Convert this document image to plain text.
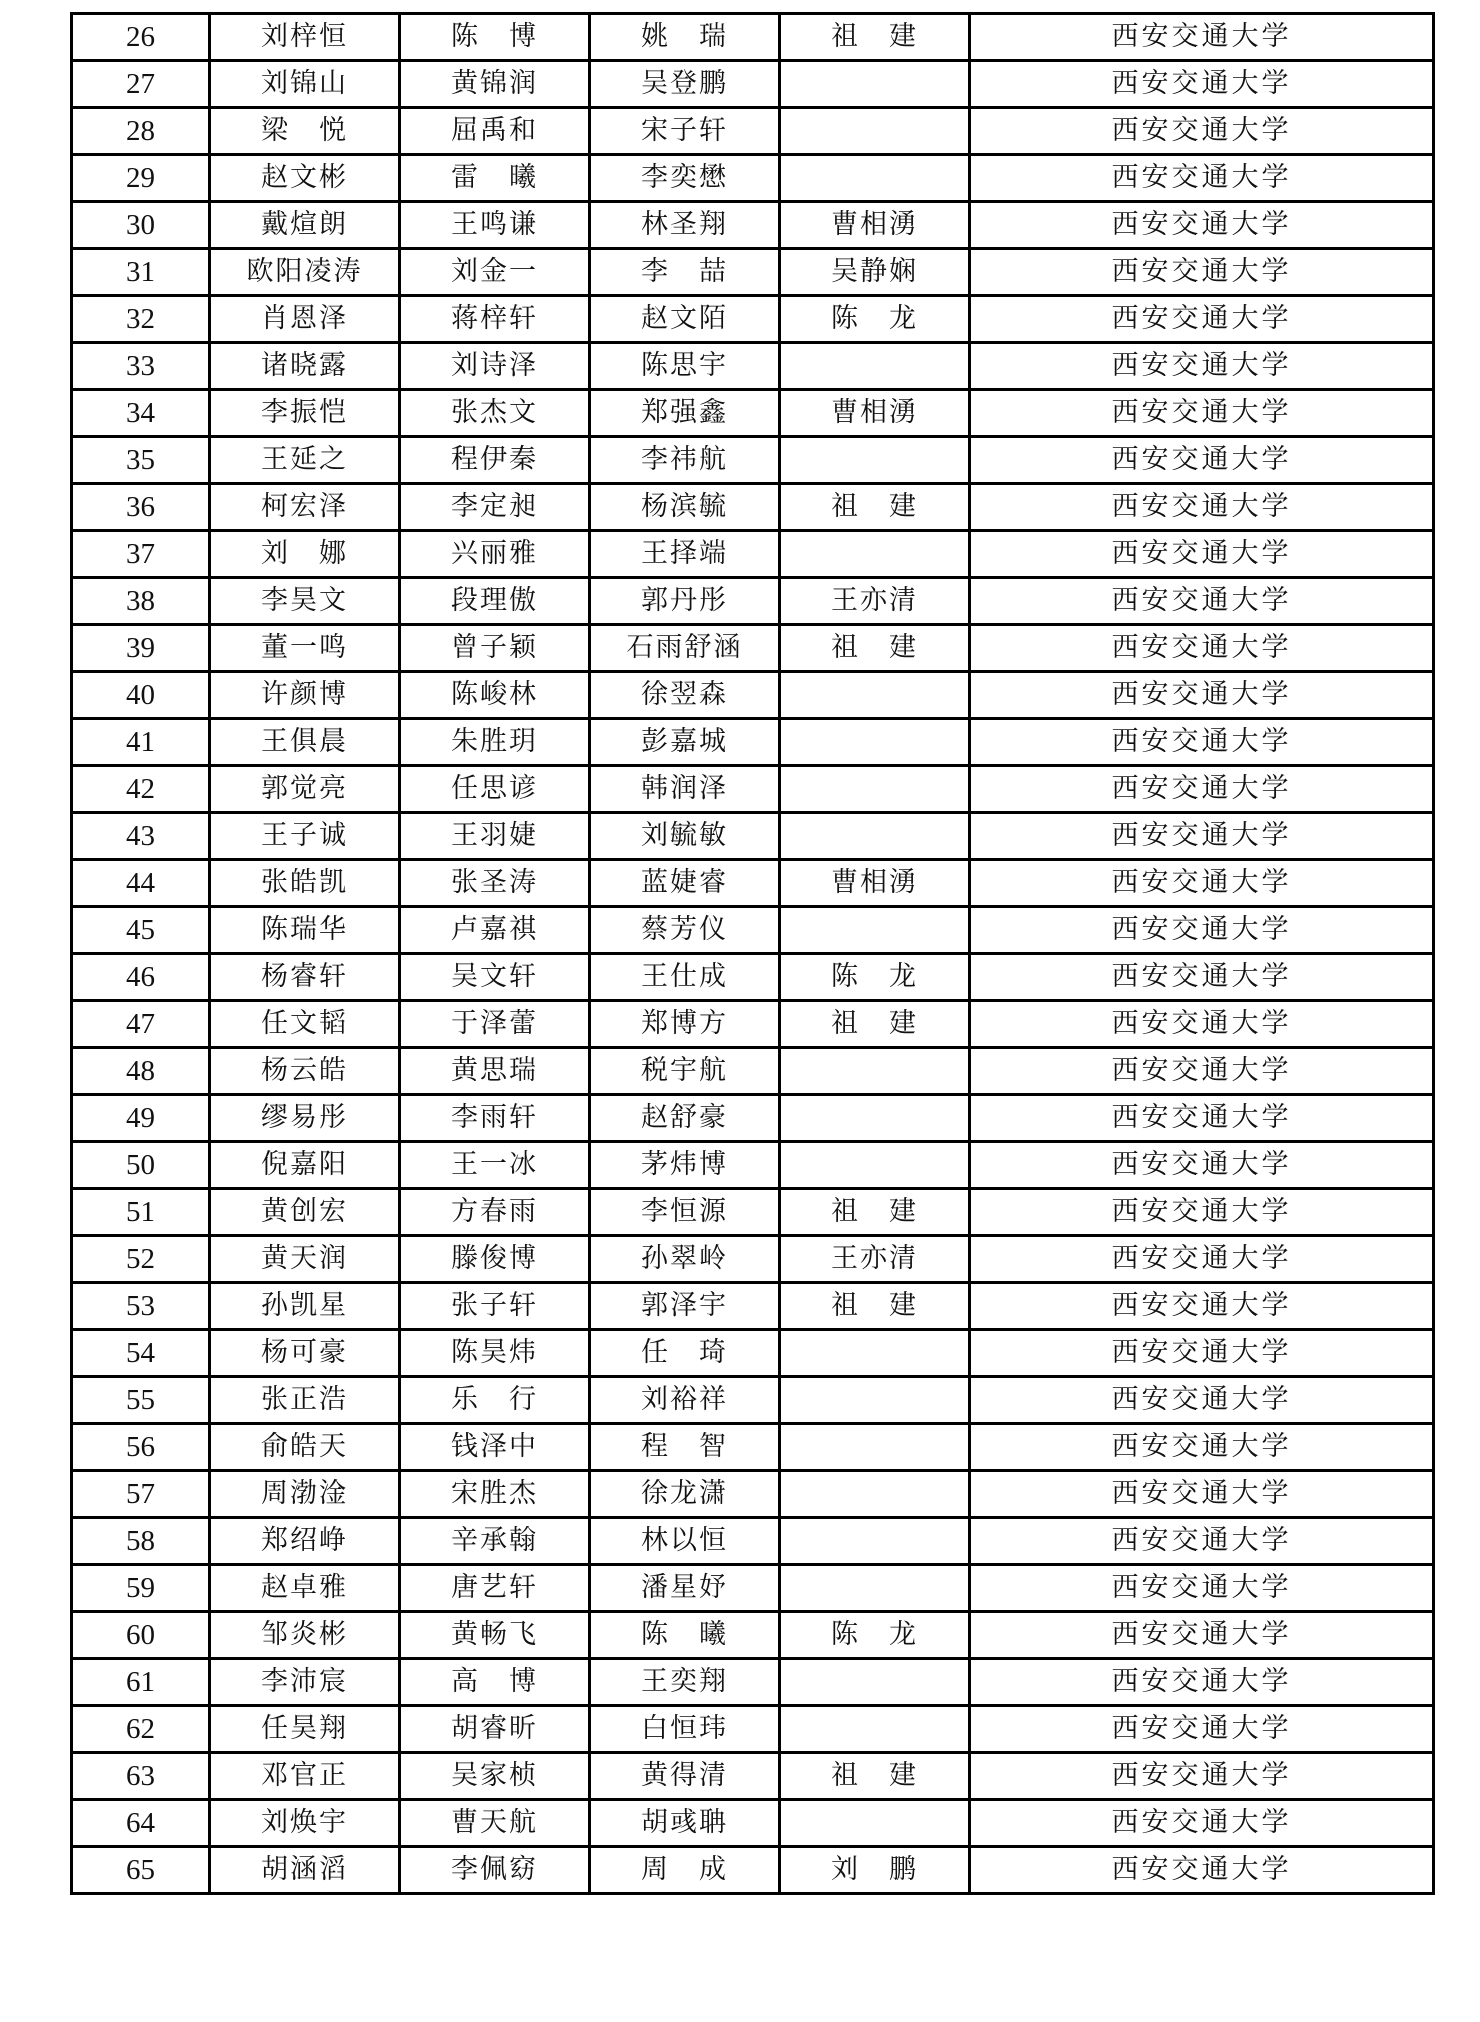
26	刘梓恒	陈　博	姚　瑞	祖　建	西安交通大学
27	刘锦山	黄锦润	吴登鹏		西安交通大学
28	梁　悦	屈禹和	宋子轩		西安交通大学
29	赵文彬	雷　曦	李奕懋		西安交通大学
30	戴煊朗	王鸣谦	林圣翔	曹相湧	西安交通大学
31	欧阳凌涛	刘金一	李　喆	吴静娴	西安交通大学
32	肖恩泽	蒋梓轩	赵文陌	陈　龙	西安交通大学
33	诸晓露	刘诗泽	陈思宇		西安交通大学
34	李振恺	张杰文	郑强鑫	曹相湧	西安交通大学
35	王延之	程伊秦	李祎航		西安交通大学
36	柯宏泽	李定昶	杨滨毓	祖　建	西安交通大学
37	刘　娜	兴丽雅	王择端		西安交通大学
38	李昊文	段理傲	郭丹彤	王亦清	西安交通大学
39	董一鸣	曾子颖	石雨舒涵	祖　建	西安交通大学
40	许颜博	陈峻林	徐翌森		西安交通大学
41	王俱晨	朱胜玥	彭嘉城		西安交通大学
42	郭觉亮	任思谚	韩润泽		西安交通大学
43	王子诚	王羽婕	刘毓敏		西安交通大学
44	张皓凯	张圣涛	蓝婕睿	曹相湧	西安交通大学
45	陈瑞华	卢嘉祺	蔡芳仪		西安交通大学
46	杨睿轩	吴文轩	王仕成	陈　龙	西安交通大学
47	任文韬	于泽蕾	郑博方	祖　建	西安交通大学
48	杨云皓	黄思瑞	税宇航		西安交通大学
49	缪易彤	李雨轩	赵舒豪		西安交通大学
50	倪嘉阳	王一冰	茅炜博		西安交通大学
51	黄创宏	方春雨	李恒源	祖　建	西安交通大学
52	黄天润	滕俊博	孙翠岭	王亦清	西安交通大学
53	孙凯星	张子轩	郭泽宇	祖　建	西安交通大学
54	杨可豪	陈昊炜	任　琦		西安交通大学
55	张正浩	乐　行	刘裕祥		西安交通大学
56	俞皓天	钱泽中	程　智		西安交通大学
57	周渤淦	宋胜杰	徐龙潇		西安交通大学
58	郑绍峥	辛承翰	林以恒		西安交通大学
59	赵卓雅	唐艺轩	潘星妤		西安交通大学
60	邹炎彬	黄畅飞	陈　曦	陈　龙	西安交通大学
61	李沛宸	高　博	王奕翔		西安交通大学
62	任昊翔	胡睿昕	白恒玮		西安交通大学
63	邓官正	吴家桢	黄得清	祖　建	西安交通大学
64	刘焕宇	曹天航	胡彧聃		西安交通大学
65	胡涵滔	李佩窈	周　成	刘　鹏	西安交通大学
